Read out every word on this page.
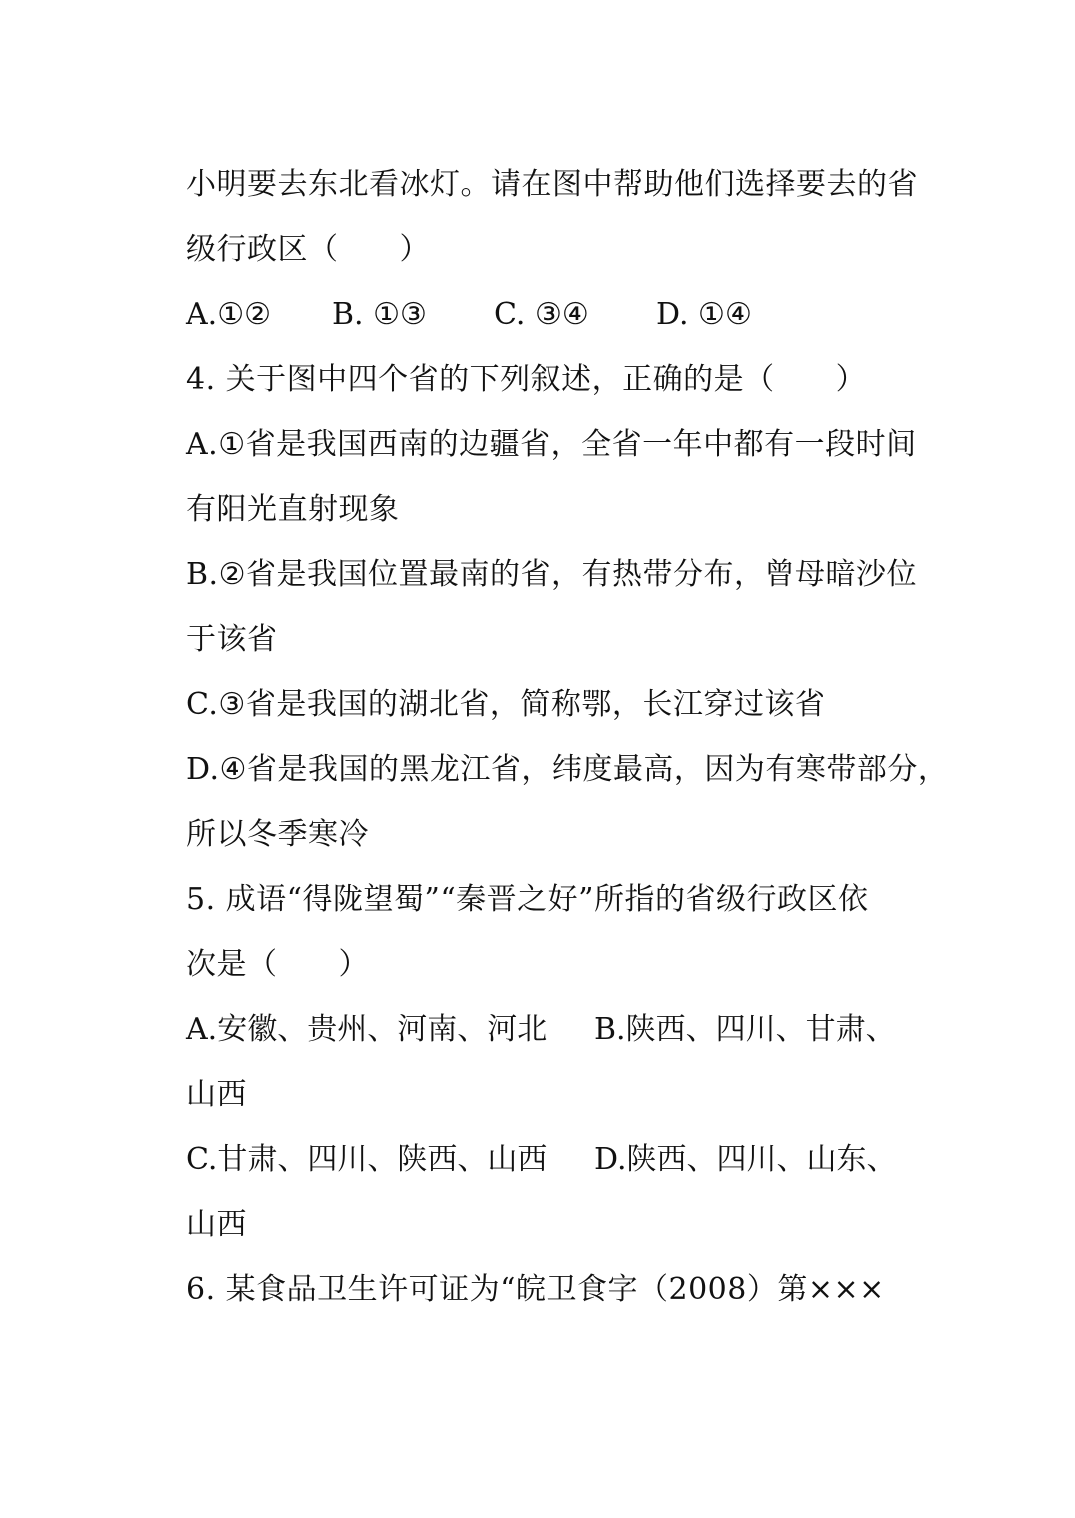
小明要去东北看冰灯。请在图中帮助他们选择要去的省
级行政区（　　）
A.①②	B. ①③	C. ③④	D. ①④
4. 关于图中四个省的下列叙述，正确的是（　　）
A.①省是我国西南的边疆省，全省一年中都有一段时间
有阳光直射现象
B.②省是我国位置最南的省，有热带分布，曾母暗沙位
于该省
C.③省是我国的湖北省，简称鄂，长江穿过该省
D.④省是我国的黑龙江省，纬度最高，因为有寒带部分，
所以冬季寒冷
5. 成语“得陇望蜀”“秦晋之好”所指的省级行政区依
次是（　　）
A.安徽、贵州、河南、河北	B.陕西、四川、甘肃、
山西
C.甘肃、四川、陕西、山西	D.陕西、四川、山东、
山西
6. 某食品卫生许可证为“皖卫食字（2008）第×××
